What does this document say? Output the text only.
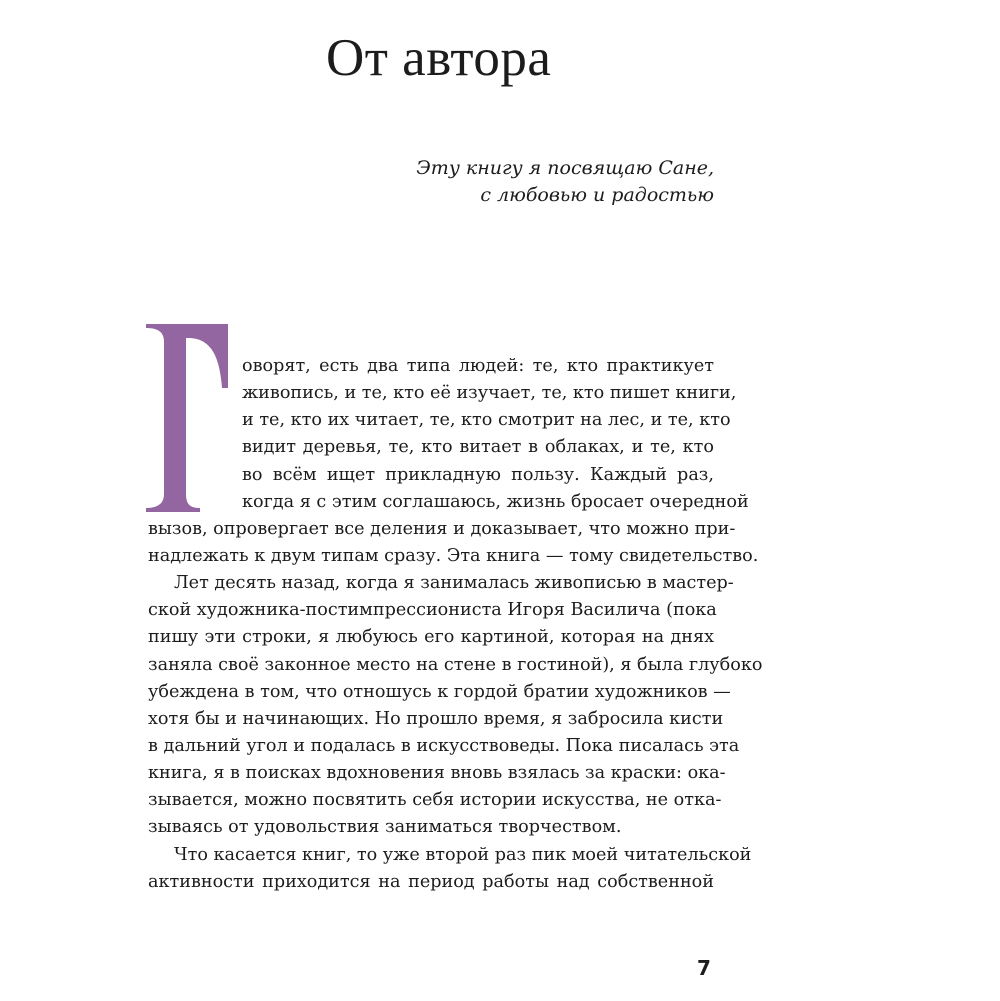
От автора
Эту книгу я посвящаю Сане,
с любовью и радостью
оворят, есть два типа людей: те, кто практикует
живопись, и те, кто её изучает, те, кто пишет книги,
и те, кто их читает, те, кто смотрит на лес, и те, кто
видит деревья, те, кто витает в облаках, и те, кто
во всём ищет прикладную пользу. Каждый раз,
когда я с этим соглашаюсь, жизнь бросает очередной
вызов, опровергает все деления и доказывает, что можно при-
надлежать к двум типам сразу. Эта книга — тому свидетельство.
Лет десять назад, когда я занималась живописью в мастер-
ской художника-постимпрессиониста Игоря Василича (пока
пишу эти строки, я любуюсь его картиной, которая на днях
заняла своё законное место на стене в гостиной), я была глубоко
убеждена в том, что отношусь к гордой братии художников —
хотя бы и начинающих. Но прошло время, я забросила кисти
в дальний угол и подалась в искусствоведы. Пока писалась эта
книга, я в поисках вдохновения вновь взялась за краски: ока-
зывается, можно посвятить себя истории искусства, не отка-
зываясь от удовольствия заниматься творчеством.
Что касается книг, то уже второй раз пик моей читательской
активности приходится на период работы над собственной
7
